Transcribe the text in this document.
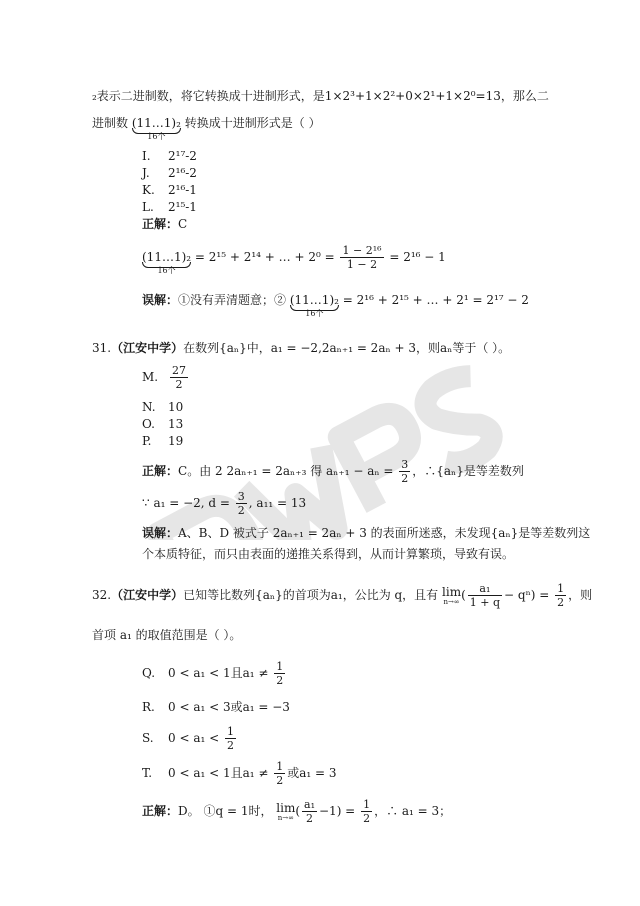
₂表示二进制数，将它转换成十进制形式，是1×2³+1×2²+0×2¹+1×2⁰=13，那么二
进制数 (11…1)₂
16个
转换成十进制形式是（ ）
I. 2¹⁷-2
J. 2¹⁶-2
K. 2¹⁶-1
L. 2¹⁵-1
正解：C
(11…1)₂
16个
= 2¹⁵ + 2¹⁴ + … + $2^0 = \frac{\text{1 − 2¹⁶}}{1 - 2} = 2^{16} - 1$
误解：①没有弄清题意；② (11…1)₂
16个
= 2¹⁶ + 2¹⁵ + … + 2¹ = 2¹⁷ − 2
31.（江安中学）在数列{aₙ}中，a₁ = −2,2aₙ₊₁ = 2aₙ + 3，则aₙ等于（ ）。
M. $\frac{27}{2}$
N. 10
O. 13
P. 19
正解：C。由 2 2aₙ₊₁ = 2aₙ₊₃ 得 $a_{n+1} - a_n = \frac{3}{2}$ ，∴{aₙ}是等差数列
∵ a₁ = −2, $d = \frac{3}{2}$ , a₁₁ = 13
误解：A、B、D 被式子 2aₙ₊₁ = 2aₙ + 3 的表面所迷惑，未发现{aₙ}是等差数列这
个本质特征，而只由表面的递推关系得到，从而计算繁琐，导致有误。
32.（江安中学）已知等比数列{aₙ}的首项为a₁，公比为 q，且有 lim
n→∞ ( $\frac{\text{a₁}}{1 + q} - q^n) = \frac{1}{2}$ ，则
首项 a₁ 的取值范围是（ ）。
Q. 0 < a₁ < 1且$a_1 \ne \frac{1}{2}$
R. 0 < a₁ < 3或a₁ = −3
S. $0 < a_1 < \frac{1}{2}$
T. 0 < a₁ < 1且$a_1 \ne \frac{1}{2}$ 或a₁ = 3
正解：D。 ①q = 1时， lim
n→∞ ( $\frac{\text{a₁}}{2} -1) = \frac{1}{2}$ ，∴ a₁ = 3；
